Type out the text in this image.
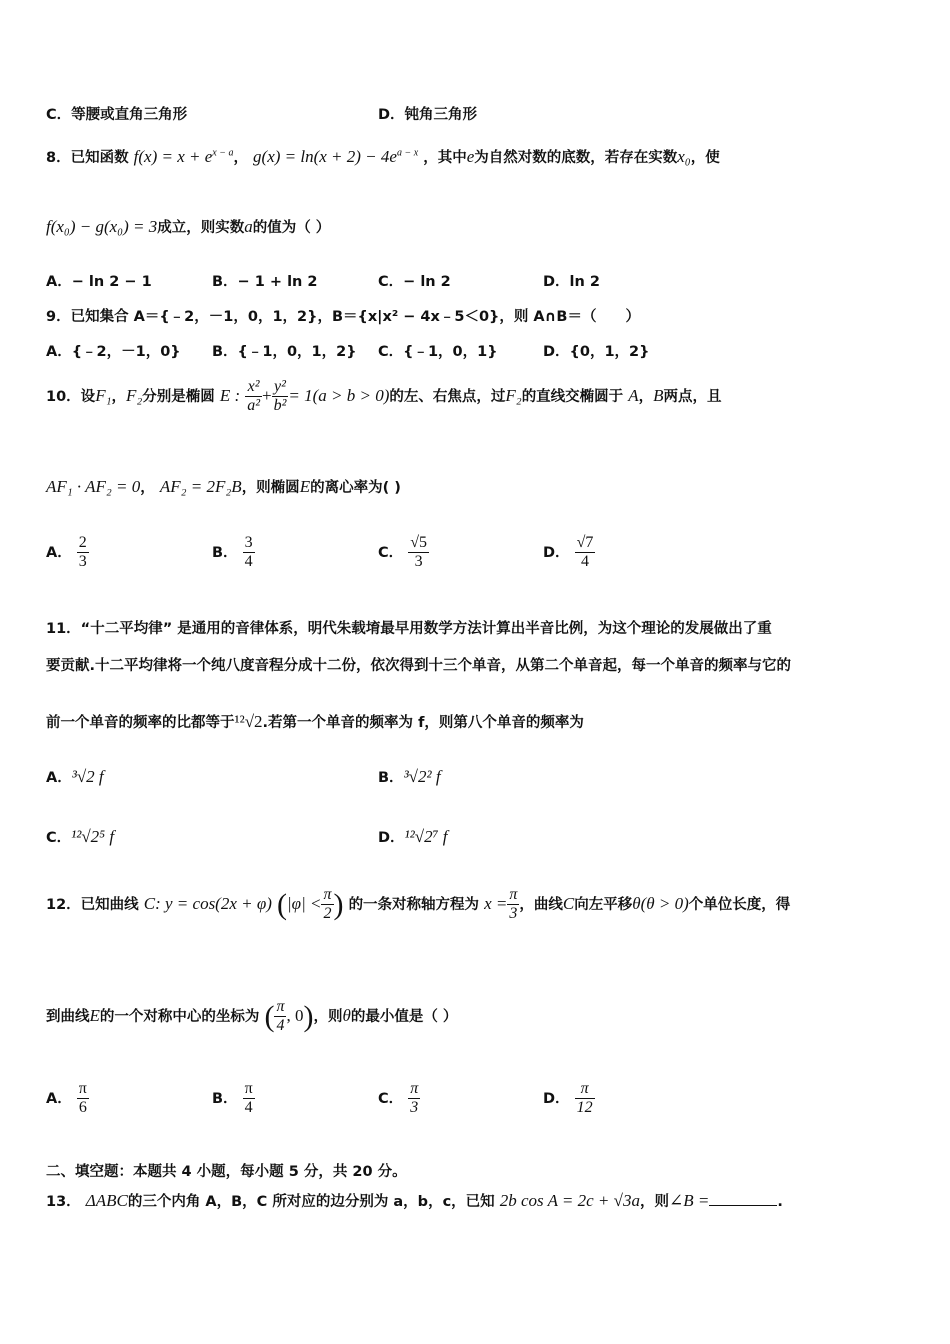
C．等腰或直角三角形	D．钝角三角形
8．已知函数 $f(x) = x + e^{x - a}$， $g(x) = \ln(x + 2) - 4e^{a - x}$ ，其中e为自然对数的底数，若存在实数x₀，使
f(x₀) − g(x₀) = 3成立，则实数a的值为（ ）
A．− ln 2 − 1	B．− 1 + ln 2	C．− ln 2	D．ln 2
9．已知集合 A＝{﹣2，－1，0，1，2}，B＝{x|x² − 4x﹣5＜0}，则 A∩B＝（　　）
A．{﹣2，－1，0} B．{﹣1，0，1，2} C．{﹣1，0，1}	D．{0，1，2}
10．设F₁，F₂分别是椭圆 E : $\frac{\text{x²}}{\text{a²}} + \frac{\text{y²}}{\text{b²}} = 1(a > b > 0)$的左、右焦点，过F₂的直线交椭圆于 A，B两点，且
AF₁ · AF₂ = 0， AF₂ = 2F₂B，则椭圆E的离心率为( )
A． $\frac{2}{3}$	B． $\frac{3}{4}$	C． $\frac{√5}{3}$	D． $\frac{√7}{4}$
11．“十二平均律” 是通用的音律体系，明代朱载堉最早用数学方法计算出半音比例，为这个理论的发展做出了重
要贡献.十二平均律将一个纯八度音程分成十二份，依次得到十三个单音，从第二个单音起，每一个单音的频率与它的
前一个单音的频率的比都等于¹²√2.若第一个单音的频率为 f，则第八个单音的频率为
A．³√2 f	B．³√2² f
C．¹²√2⁵ f	D．¹²√2⁷ f
12．已知曲线 C: y = cos(2x + φ) ($|\varphi| < \frac{\pi}{2}$ ) 的一条对称轴方程为 $x = \frac{\pi}{3}$ ，曲线C向左平移θ(θ > 0)个单位长度，得
到曲线E的一个对称中心的坐标为 ( $\frac{\pi}{4}$ , 0)，则θ的最小值是（ ）
A． $\frac{\pi}{6}$	B． $\frac{\pi}{4}$	C． $\frac{\pi}{3}$	D． $\frac{\pi}{12}$
二、填空题：本题共 4 小题，每小题 5 分，共 20 分。
13． ΔABC的三个内角 A，B，C 所对应的边分别为 a，b，c，已知 2b cos A = 2c + √3a，则∠B =	.
